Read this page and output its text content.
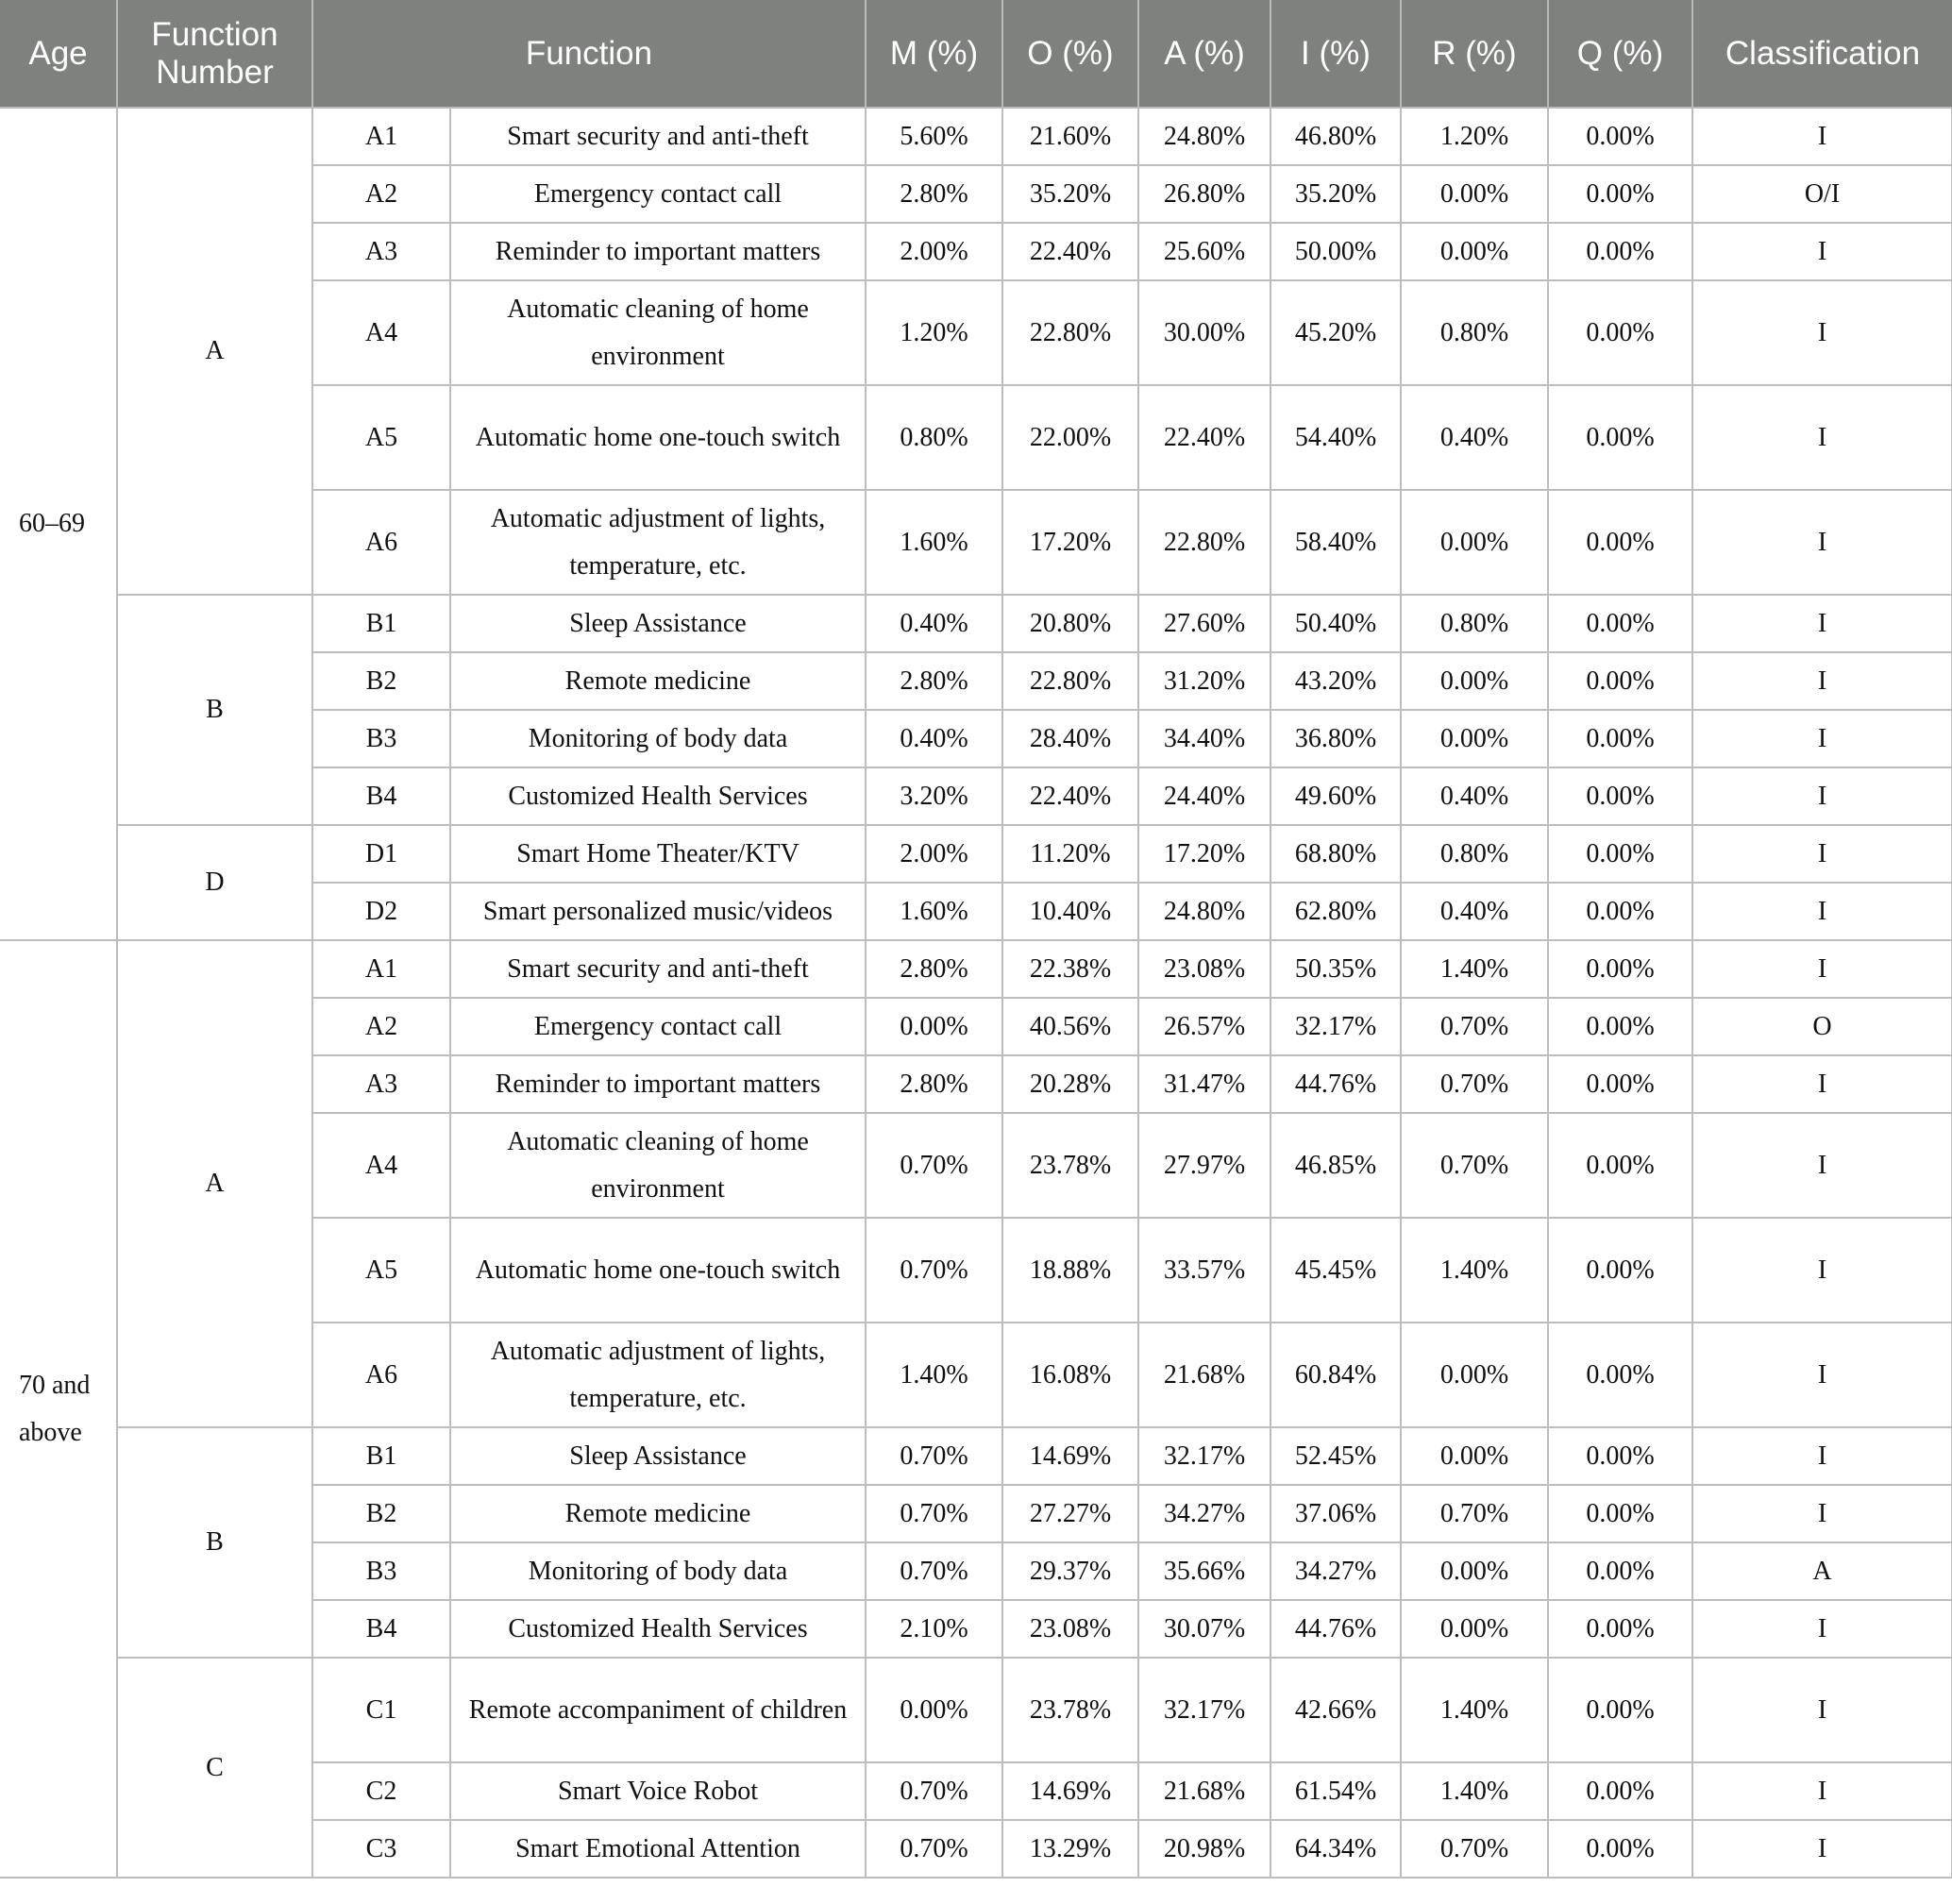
Age	Function Number	Function		M (%)	O (%)	A (%)	I (%)	R (%)	Q (%)	Classification
60–69	A	A1	Smart security and anti-theft	5.60%	21.60%	24.80%	46.80%	1.20%	0.00%	I
		A2	Emergency contact call	2.80%	35.20%	26.80%	35.20%	0.00%	0.00%	O/I
		A3	Reminder to important matters	2.00%	22.40%	25.60%	50.00%	0.00%	0.00%	I
		A4	Automatic cleaning of home environment	1.20%	22.80%	30.00%	45.20%	0.80%	0.00%	I
		A5	Automatic home one-touch switch	0.80%	22.00%	22.40%	54.40%	0.40%	0.00%	I
		A6	Automatic adjustment of lights, temperature, etc.	1.60%	17.20%	22.80%	58.40%	0.00%	0.00%	I
	B	B1	Sleep Assistance	0.40%	20.80%	27.60%	50.40%	0.80%	0.00%	I
		B2	Remote medicine	2.80%	22.80%	31.20%	43.20%	0.00%	0.00%	I
		B3	Monitoring of body data	0.40%	28.40%	34.40%	36.80%	0.00%	0.00%	I
		B4	Customized Health Services	3.20%	22.40%	24.40%	49.60%	0.40%	0.00%	I
	D	D1	Smart Home Theater/KTV	2.00%	11.20%	17.20%	68.80%	0.80%	0.00%	I
		D2	Smart personalized music/videos	1.60%	10.40%	24.80%	62.80%	0.40%	0.00%	I

70 and
above	A	A1	Smart security and anti-theft	2.80%	22.38%	23.08%	50.35%	1.40%	0.00%	I
		A2	Emergency contact call	0.00%	40.56%	26.57%	32.17%	0.70%	0.00%	O
		A3	Reminder to important matters	2.80%	20.28%	31.47%	44.76%	0.70%	0.00%	I
		A4	Automatic cleaning of home environment	0.70%	23.78%	27.97%	46.85%	0.70%	0.00%	I
		A5	Automatic home one-touch switch	0.70%	18.88%	33.57%	45.45%	1.40%	0.00%	I
		A6	Automatic adjustment of lights, temperature, etc.	1.40%	16.08%	21.68%	60.84%	0.00%	0.00%	I
	B	B1	Sleep Assistance	0.70%	14.69%	32.17%	52.45%	0.00%	0.00%	I
		B2	Remote medicine	0.70%	27.27%	34.27%	37.06%	0.70%	0.00%	I
		B3	Monitoring of body data	0.70%	29.37%	35.66%	34.27%	0.00%	0.00%	A
		B4	Customized Health Services	2.10%	23.08%	30.07%	44.76%	0.00%	0.00%	I
	C	C1	Remote accompaniment of children	0.00%	23.78%	32.17%	42.66%	1.40%	0.00%	I
		C2	Smart Voice Robot	0.70%	14.69%	21.68%	61.54%	1.40%	0.00%	I
		C3	Smart Emotional Attention	0.70%	13.29%	20.98%	64.34%	0.70%	0.00%	I
